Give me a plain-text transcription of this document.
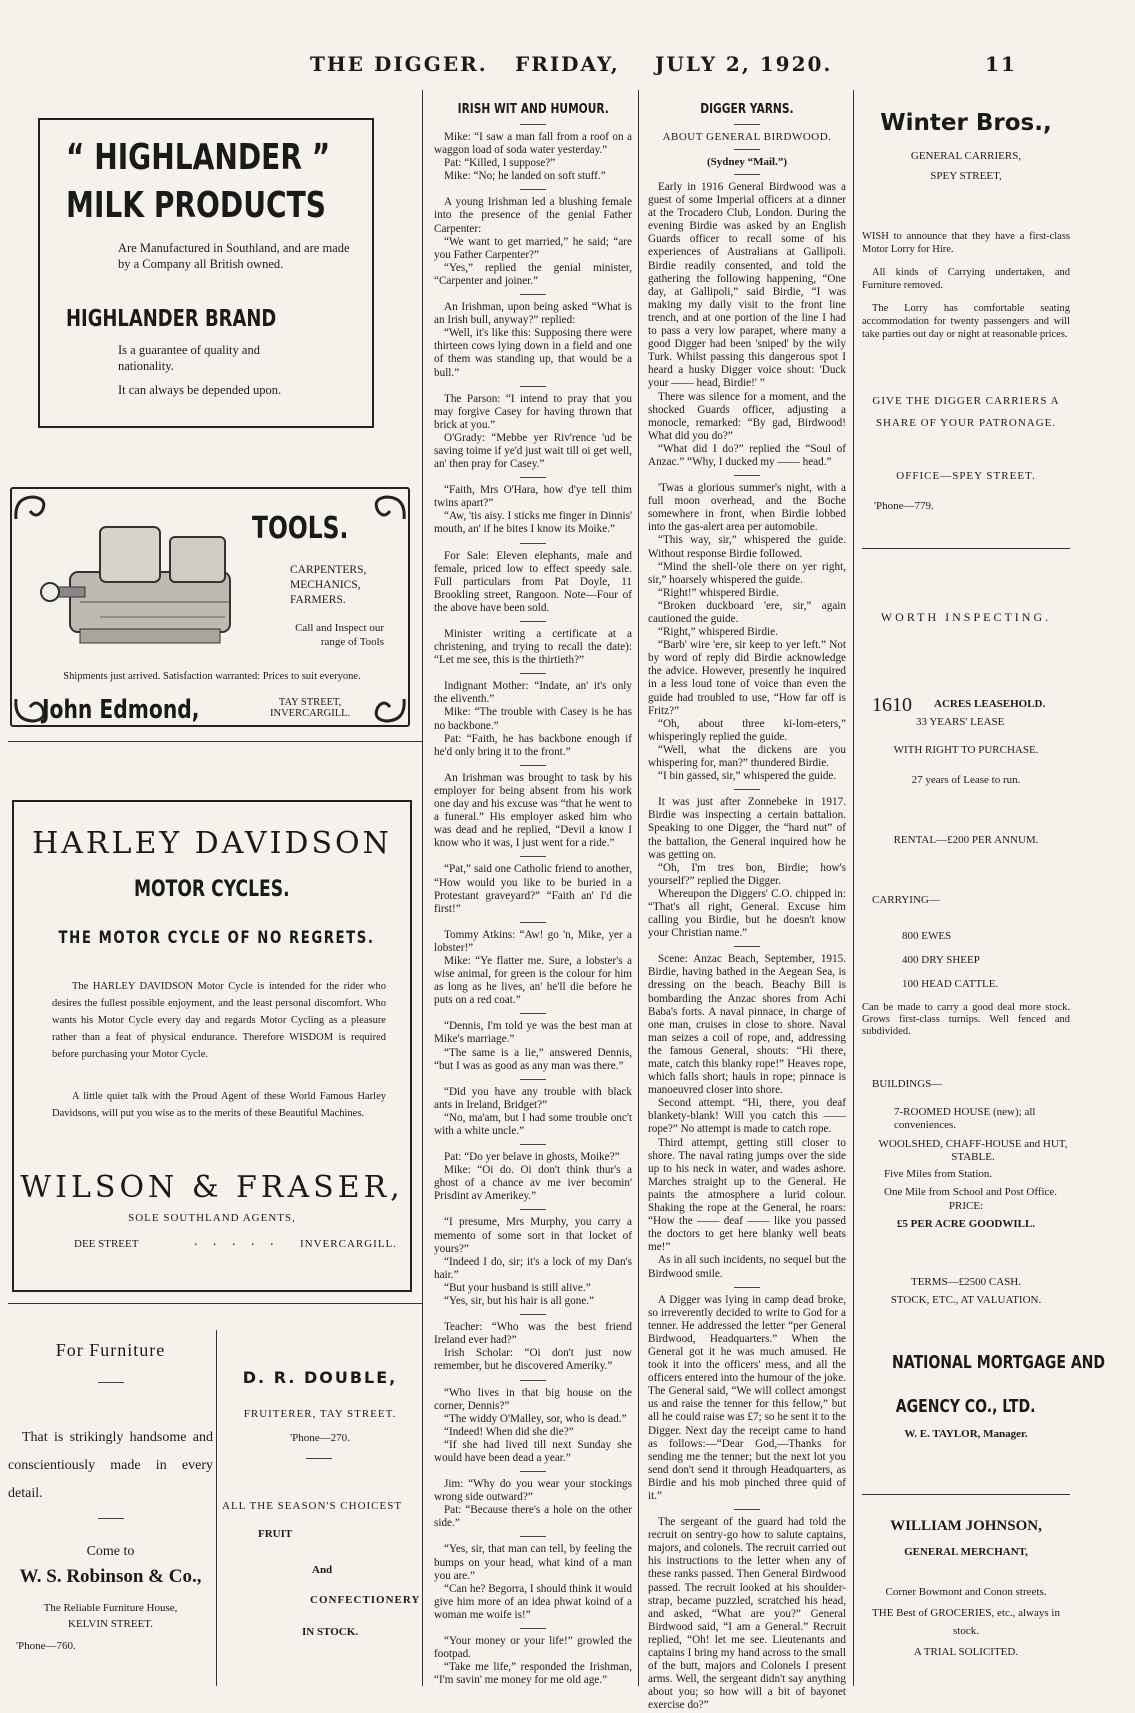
THE DIGGER. FRIDAY, JULY 2, 1920.	11
“ HIGHLANDER ”
MILK PRODUCTS
Are Manufactured in Southland, and are made by a Company all British owned.
HIGHLANDER BRAND
Is a guarantee of quality and nationality.
It can always be depended upon.
TOOLS.
CARPENTERS,
MECHANICS,
FARMERS.
Call and Inspect our range of Tools
Shipments just arrived. Satisfaction warranted: Prices to suit everyone.
John Edmond,	TAY STREET,
INVERCARGILL.
HARLEY DAVIDSON
MOTOR CYCLES.
THE MOTOR CYCLE OF NO REGRETS.
The HARLEY DAVIDSON Motor Cycle is intended for the rider who desires the fullest possible enjoyment, and the least personal discomfort. Who wants his Motor Cycle every day and regards Motor Cycling as a pleasure rather than a feat of physical endurance. Therefore WISDOM is required before purchasing your Motor Cycle.
A little quiet talk with the Proud Agent of these World Famous Harley Davidsons, will put you wise as to the merits of these Beautiful Machines.
WILSON & FRASER,
SOLE SOUTHLAND AGENTS,
DEE STREET	. . . . . INVERCARGILL.
For Furniture
That is strikingly handsome and conscientiously made in every detail.
Come to
W. S. Robinson & Co.,
The Reliable Furniture House,
KELVIN STREET.
'Phone—760.
D. R. DOUBLE,
FRUITERER, TAY STREET.
'Phone—270.
ALL THE SEASON'S CHOICEST
FRUIT
And
CONFECTIONERY
IN STOCK.
IRISH WIT AND HUMOUR.

Mike: “I saw a man fall from a roof on a waggon load of soda water yesterday.”

Pat: “Killed, I suppose?”

Mike: “No; he landed on soft stuff.”

A young Irishman led a blushing female into the presence of the genial Father Carpenter:

“We want to get married,” he said; “are you Father Carpenter?”

“Yes,” replied the genial minister, “Carpenter and joiner.”

An Irishman, upon being asked “What is an Irish bull, anyway?” replied:

“Well, it's like this: Supposing there were thirteen cows lying down in a field and one of them was standing up, that would be a bull.”

The Parson: “I intend to pray that you may forgive Casey for having thrown that brick at you.”

O'Grady: “Mebbe yer Riv'rence 'ud be saving toime if ye'd just wait till oi get well, an' then pray for Casey.”

“Faith, Mrs O'Hara, how d'ye tell thim twins apart?”

“Aw, 'tis aisy. I sticks me finger in Dinnis' mouth, an' if he bites I know its Moike.”

For Sale: Eleven elephants, male and female, priced low to effect speedy sale. Full particulars from Pat Doyle, 11 Brookling street, Rangoon. Note—Four of the above have been sold.

Minister writing a certificate at a christening, and trying to recall the date): “Let me see, this is the thirtieth?”

Indignant Mother: “Indate, an' it's only the eliventh.”

Mike: “The trouble with Casey is he has no backbone.”

Pat: “Faith, he has backbone enough if he'd only bring it to the front.”

An Irishman was brought to task by his employer for being absent from his work one day and his excuse was “that he went to a funeral.” His employer asked him who was dead and he replied, “Devil a know I know who it was, I just went for a ride.”

“Pat,” said one Catholic friend to another, “How would you like to be buried in a Protestant graveyard?” “Faith an' I'd die first!”

Tommy Atkins: “Aw! go 'n, Mike, yer a lobster!”

Mike: “Ye flatter me. Sure, a lobster's a wise animal, for green is the colour for him as long as he lives, an' he'll die before he puts on a red coat.”

“Dennis, I'm told ye was the best man at Mike's marriage.”

“The same is a lie,” answered Dennis, “but I was as good as any man was there.”

“Did you have any trouble with black ants in Ireland, Bridget?”

“No, ma'am, but I had some trouble onc't with a white uncle.”

Pat: “Do yer belave in ghosts, Moike?”

Mike: “Oi do. Oi don't think thur's a ghost of a chance av me iver becomin' Prisdint av Amerikey.”

“I presume, Mrs Murphy, you carry a memento of some sort in that locket of yours?”

“Indeed I do, sir; it's a lock of my Dan's hair.”

“But your husband is still alive.”

“Yes, sir, but his hair is all gone.”

Teacher: “Who was the best friend Ireland ever had?”

Irish Scholar: “Oi don't just now remember, but he discovered Ameriky.”

“Who lives in that big house on the corner, Dennis?”

“The widdy O'Malley, sor, who is dead.”

“Indeed! When did she die?”

“If she had lived till next Sunday she would have been dead a year.”

Jim: “Why do you wear your stockings wrong side outward?”

Pat: “Because there's a hole on the other side.”

“Yes, sir, that man can tell, by feeling the bumps on your head, what kind of a man you are.”

“Can he? Begorra, I should think it would give him more of an idea phwat koind of a woman me woife is!”

“Your money or your life!” growled the footpad.

“Take me life,” responded the Irishman, “I'm savin' me money for me old age.”

DIGGER YARNS.
ABOUT GENERAL BIRDWOOD.
(Sydney “Mail.”)

Early in 1916 General Birdwood was a guest of some Imperial officers at a dinner at the Trocadero Club, London. During the evening Birdie was asked by an English Guards officer to recall some of his experiences of Australians at Gallipoli. Birdie readily consented, and told the gathering the following happening, “One day, at Gallipoli,” said Birdie, “I was making my daily visit to the front line trench, and at one portion of the line I had to pass a very low parapet, where many a good Digger had been 'sniped' by the wily Turk. Whilst passing this dangerous spot I heard a husky Digger voice shout: 'Duck your —— head, Birdie!' ”

There was silence for a moment, and the shocked Guards officer, adjusting a monocle, remarked: “By gad, Birdwood! What did you do?”

“What did I do?” replied the “Soul of Anzac.” “Why, I ducked my —— head.”

'Twas a glorious summer's night, with a full moon overhead, and the Boche somewhere in front, when Birdie lobbed into the gas-alert area per automobile.

“This way, sir,” whispered the guide. Without response Birdie followed.

“Mind the shell-'ole there on yer right, sir,” hoarsely whispered the guide.

“Right!” whispered Birdie.

“Broken duckboard 'ere, sir,” again cautioned the guide.

“Right,” whispered Birdie.

“Barb' wire 'ere, sir keep to yer left.” Not by word of reply did Birdie acknowledge the advice. However, presently he inquired in a less loud tone of voice than even the guide had troubled to use, “How far off is Fritz?”

“Oh, about three ki-lom-eters,” whisperingly replied the guide.

“Well, what the dickens are you whispering for, man?” thundered Birdie.

“I bin gassed, sir,” whispered the guide.

It was just after Zonnebeke in 1917. Birdie was inspecting a certain battalion. Speaking to one Digger, the “hard nut” of the battalion, the General inquired how he was getting on.

“Oh, I'm tres bon, Birdie; how's yourself?” replied the Digger.

Whereupon the Diggers' C.O. chipped in: “That's all right, General. Excuse him calling you Birdie, but he doesn't know your Christian name.”

Scene: Anzac Beach, September, 1915. Birdie, having bathed in the Aegean Sea, is dressing on the beach. Beachy Bill is bombarding the Anzac shores from Achi Baba's forts. A naval pinnace, in charge of one man, cruises in close to shore. Naval man seizes a coil of rope, and, addressing the famous General, shouts: “Hi there, mate, catch this blanky rope!” Heaves rope, which falls short; hauls in rope; pinnace is manoeuvred closer into shore.

Second attempt. “Hi, there, you deaf blankety-blank! Will you catch this —— rope?” No attempt is made to catch rope.

Third attempt, getting still closer to shore. The naval rating jumps over the side up to his neck in water, and wades ashore. Marches straight up to the General. He paints the atmosphere a lurid colour. Shaking the rope at the General, he roars: “How the —— deaf —— like you passed the doctors to get here blanky well beats me!”

As in all such incidents, no sequel but the Birdwood smile.

A Digger was lying in camp dead broke, so irreverently decided to write to God for a tenner. He addressed the letter “per General Birdwood, Headquarters.” When the General got it he was much amused. He took it into the officers' mess, and all the officers entered into the humour of the joke. The General said, “We will collect amongst us and raise the tenner for this fellow,” but all he could raise was £7; so he sent it to the Digger. Next day the receipt came to hand as follows:—“Dear God,—Thanks for sending me the tenner; but the next lot you send don't send it through Headquarters, as Birdie and his mob pinched three quid of it.”

The sergeant of the guard had told the recruit on sentry-go how to salute captains, majors, and colonels. The recruit carried out his instructions to the letter when any of these ranks passed. Then General Birdwood passed. The recruit looked at his shoulder-strap, became puzzled, scratched his head, and asked, “What are you?” General Birdwood said, “I am a General.” Recruit replied, “Oh! let me see. Lieutenants and captains I bring my hand across to the small of the butt, majors and Colonels I present arms. Well, the sergeant didn't say anything about you; so how will a bit of bayonet exercise do?”

Winter Bros.,
GENERAL CARRIERS,
SPEY STREET,
WISH to announce that they have a first-class Motor Lorry for Hire.
All kinds of Carrying undertaken, and Furniture removed.
The Lorry has comfortable seating accommodation for twenty passengers and will take parties out day or night at reasonable prices.
GIVE THE DIGGER CARRIERS A SHARE OF YOUR PATRONAGE.
OFFICE—SPEY STREET.
'Phone—779.
WORTH INSPECTING.
1610 ACRES LEASEHOLD.
33 YEARS' LEASE
WITH RIGHT TO PURCHASE.
27 years of Lease to run.
RENTAL—£200 PER ANNUM.
CARRYING—
800 EWES
400 DRY SHEEP
100 HEAD CATTLE.
Can be made to carry a good deal more stock. Grows first-class turnips. Well fenced and subdivided.
BUILDINGS—
7-ROOMED HOUSE (new); all conveniences.
WOOLSHED, CHAFF-HOUSE and HUT, STABLE.
Five Miles from Station.
One Mile from School and Post Office.
PRICE:
£5 PER ACRE GOODWILL.
TERMS—£2500 CASH.
STOCK, ETC., AT VALUATION.
NATIONAL MORTGAGE AND
AGENCY CO., LTD.
W. E. TAYLOR, Manager.
WILLIAM JOHNSON,
GENERAL MERCHANT,
Corner Bowmont and Conon streets.
THE Best of GROCERIES, etc., always in stock.
A TRIAL SOLICITED.
